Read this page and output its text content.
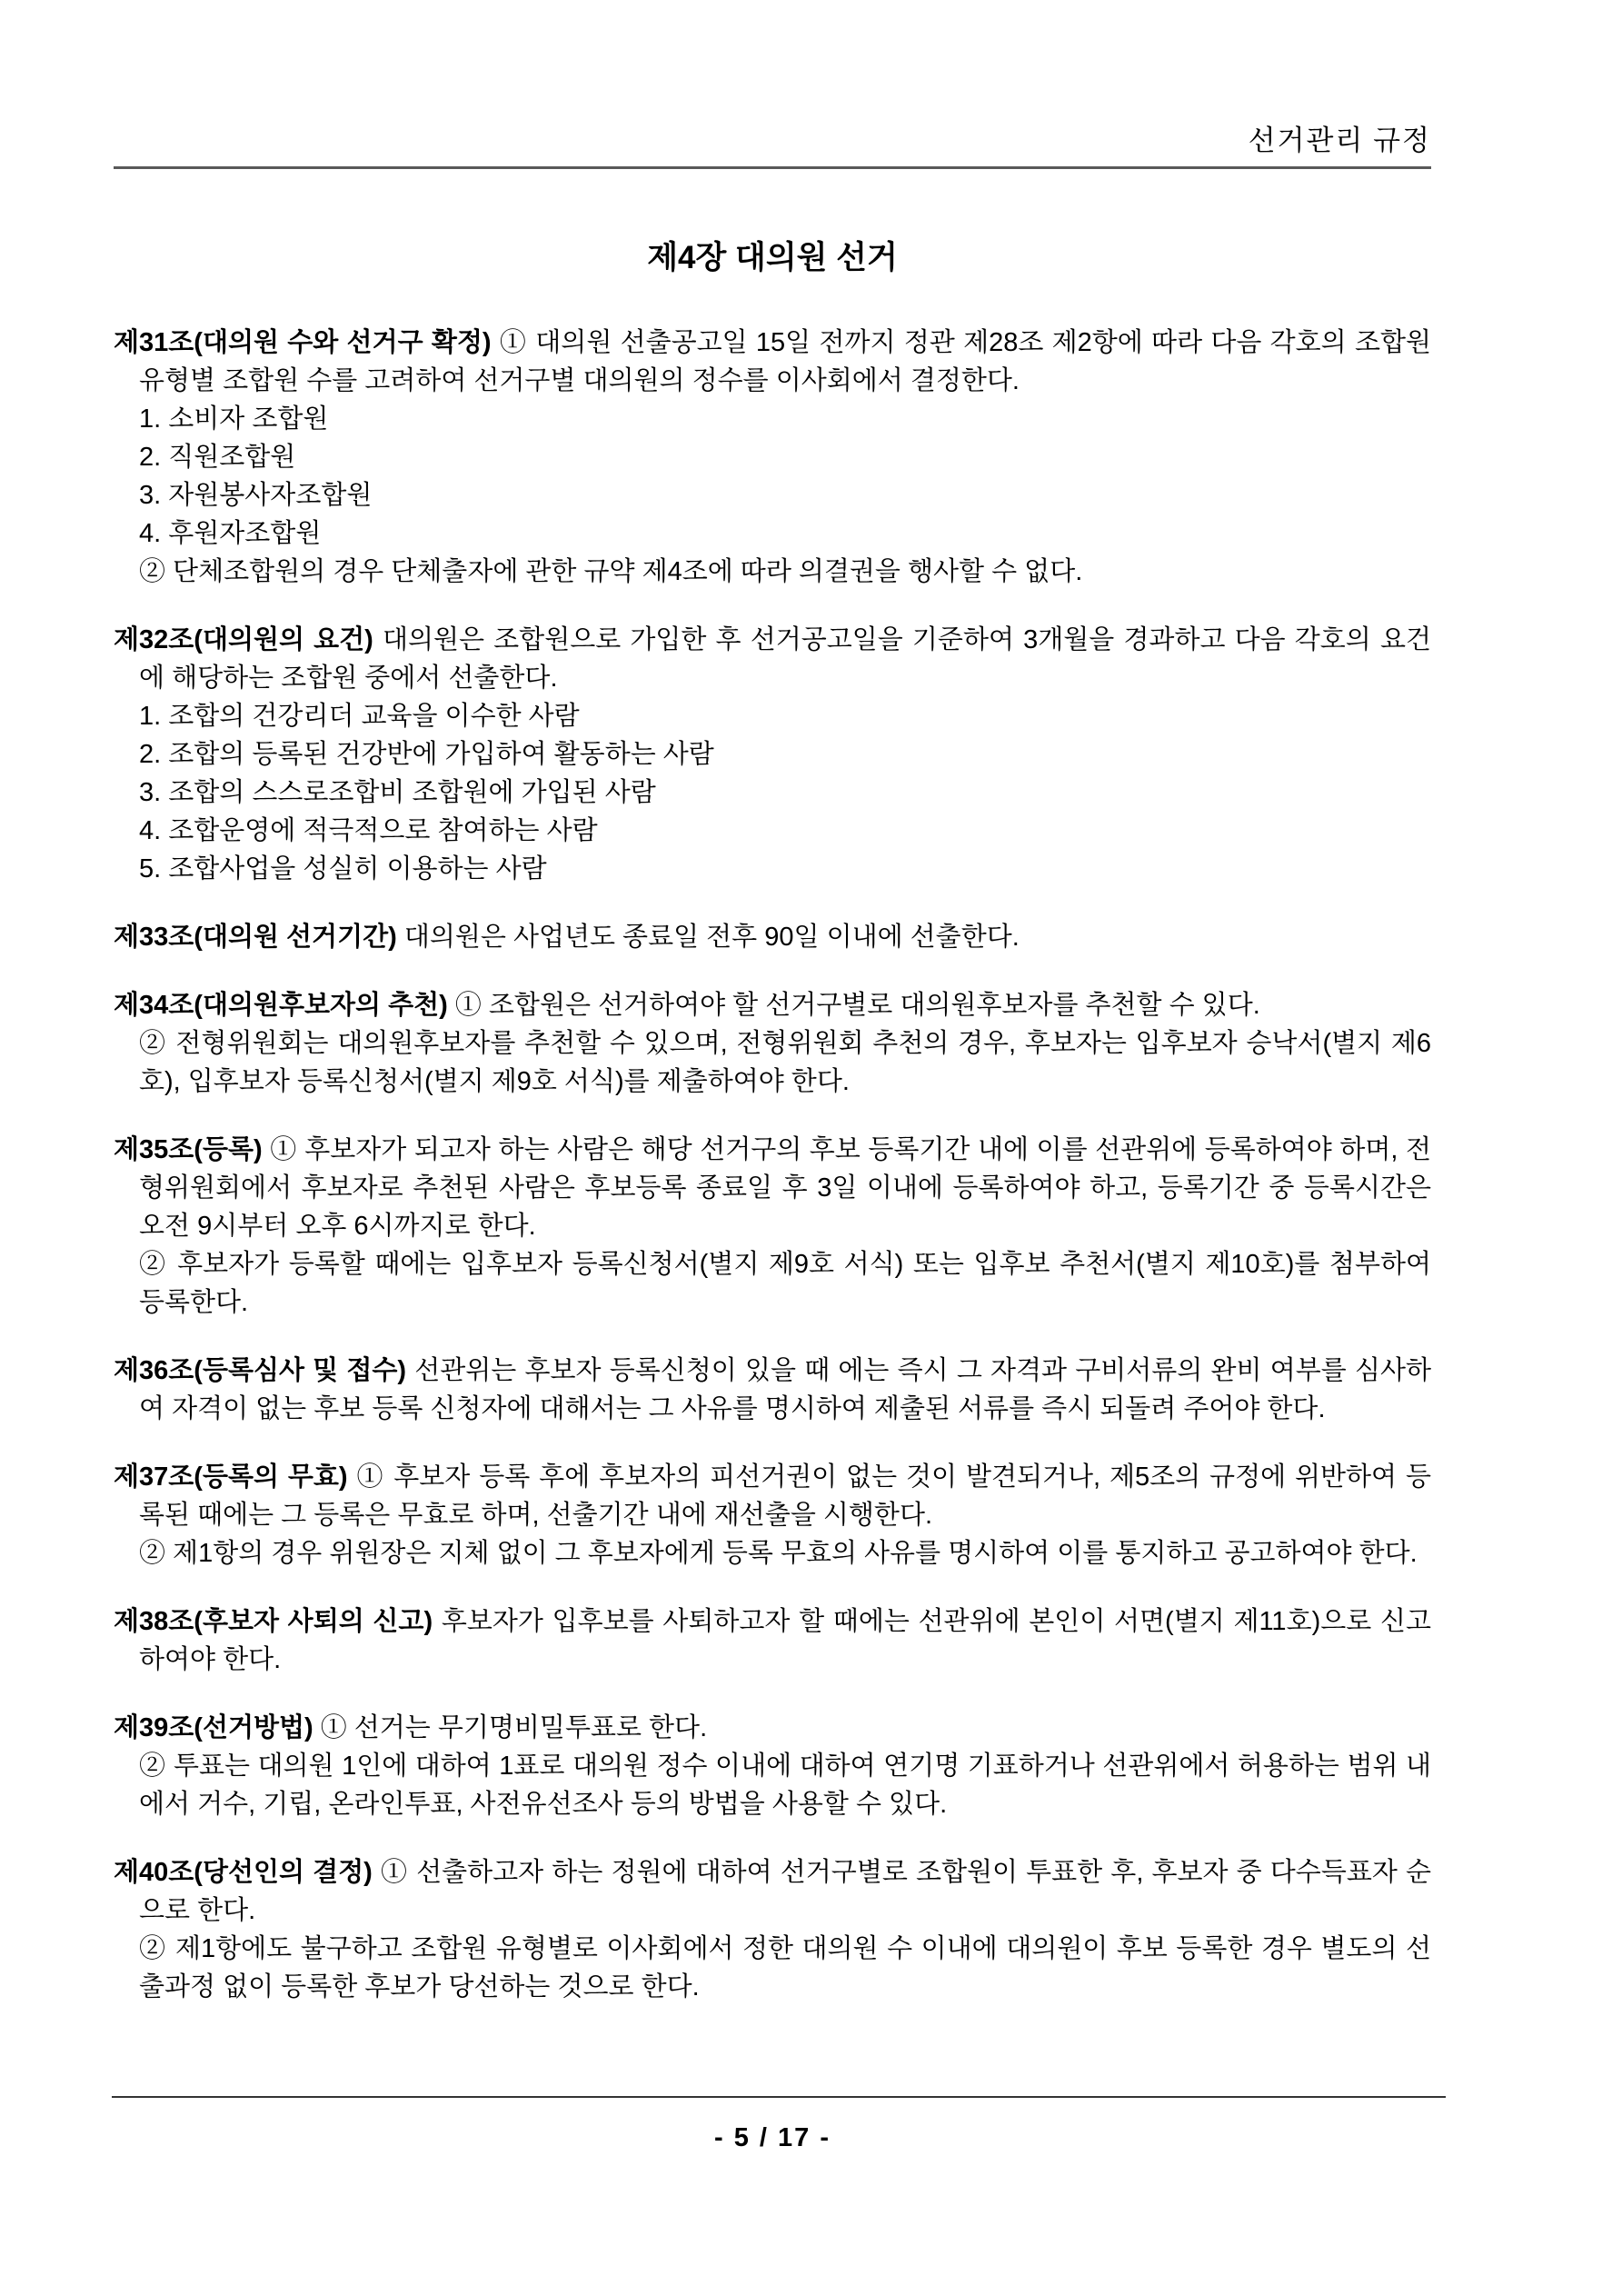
선거관리 규정
제4장 대의원 선거

제31조(대의원 수와 선거구 확정) ① 대의원 선출공고일 15일 전까지 정관 제28조 제2항에 따라 다음 각호의 조합원 유형별 조합원 수를 고려하여 선거구별 대의원의 정수를 이사회에서 결정한다.

1. 소비자 조합원

2. 직원조합원

3. 자원봉사자조합원

4. 후원자조합원

② 단체조합원의 경우 단체출자에 관한 규약 제4조에 따라 의결권을 행사할 수 없다.

제32조(대의원의 요건) 대의원은 조합원으로 가입한 후 선거공고일을 기준하여 3개월을 경과하고 다음 각호의 요건에 해당하는 조합원 중에서 선출한다.

1. 조합의 건강리더 교육을 이수한 사람

2. 조합의 등록된 건강반에 가입하여 활동하는 사람

3. 조합의 스스로조합비 조합원에 가입된 사람

4. 조합운영에 적극적으로 참여하는 사람

5. 조합사업을 성실히 이용하는 사람

제33조(대의원 선거기간) 대의원은 사업년도 종료일 전후 90일 이내에 선출한다.

제34조(대의원후보자의 추천) ① 조합원은 선거하여야 할 선거구별로 대의원후보자를 추천할 수 있다.

② 전형위원회는 대의원후보자를 추천할 수 있으며, 전형위원회 추천의 경우, 후보자는 입후보자 승낙서(별지 제6호), 입후보자 등록신청서(별지 제9호 서식)를 제출하여야 한다.

제35조(등록) ① 후보자가 되고자 하는 사람은 해당 선거구의 후보 등록기간 내에 이를 선관위에 등록하여야 하며, 전형위원회에서 후보자로 추천된 사람은 후보등록 종료일 후 3일 이내에 등록하여야 하고, 등록기간 중 등록시간은 오전 9시부터 오후 6시까지로 한다.

② 후보자가 등록할 때에는 입후보자 등록신청서(별지 제9호 서식) 또는 입후보 추천서(별지 제10호)를 첨부하여 등록한다.

제36조(등록심사 및 접수) 선관위는 후보자 등록신청이 있을 때 에는 즉시 그 자격과 구비서류의 완비 여부를 심사하여 자격이 없는 후보 등록 신청자에 대해서는 그 사유를 명시하여 제출된 서류를 즉시 되돌려 주어야 한다.

제37조(등록의 무효) ① 후보자 등록 후에 후보자의 피선거권이 없는 것이 발견되거나, 제5조의 규정에 위반하여 등록된 때에는 그 등록은 무효로 하며, 선출기간 내에 재선출을 시행한다.

② 제1항의 경우 위원장은 지체 없이 그 후보자에게 등록 무효의 사유를 명시하여 이를 통지하고 공고하여야 한다.

제38조(후보자 사퇴의 신고) 후보자가 입후보를 사퇴하고자 할 때에는 선관위에 본인이 서면(별지 제11호)으로 신고하여야 한다.

제39조(선거방법) ① 선거는 무기명비밀투표로 한다.

② 투표는 대의원 1인에 대하여 1표로 대의원 정수 이내에 대하여 연기명 기표하거나 선관위에서 허용하는 범위 내에서 거수, 기립, 온라인투표, 사전유선조사 등의 방법을 사용할 수 있다.

제40조(당선인의 결정) ① 선출하고자 하는 정원에 대하여 선거구별로 조합원이 투표한 후, 후보자 중 다수득표자 순으로 한다.

② 제1항에도 불구하고 조합원 유형별로 이사회에서 정한 대의원 수 이내에 대의원이 후보 등록한 경우 별도의 선출과정 없이 등록한 후보가 당선하는 것으로 한다.

- 5 / 17 -
